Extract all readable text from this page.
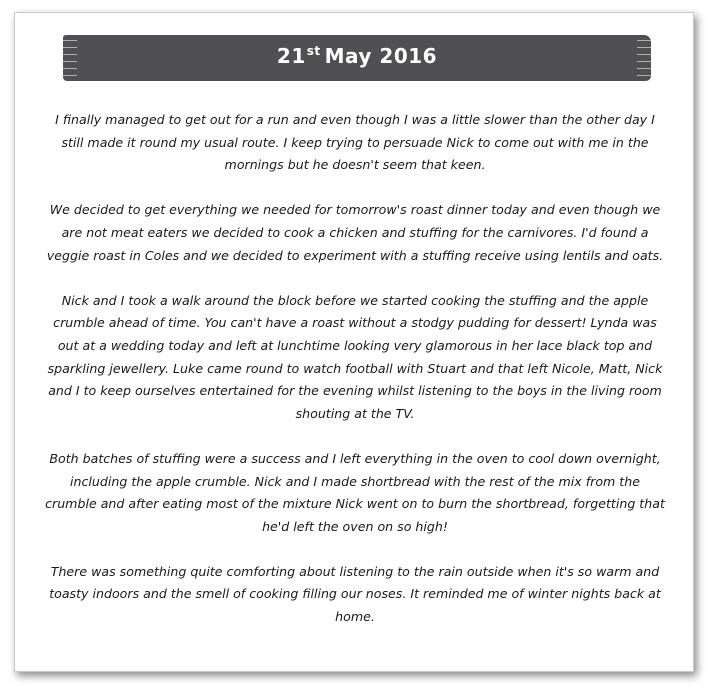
21st May 2016

I finally managed to get out for a run and even though I was a little slower than the other day I still made it round my usual route. I keep trying to persuade Nick to come out with me in the mornings but he doesn't seem that keen.

We decided to get everything we needed for tomorrow's roast dinner today and even though we are not meat eaters we decided to cook a chicken and stuffing for the carnivores. I'd found a veggie roast in Coles and we decided to experiment with a stuffing receive using lentils and oats.

Nick and I took a walk around the block before we started cooking the stuffing and the apple crumble ahead of time. You can't have a roast without a stodgy pudding for dessert! Lynda was out at a wedding today and left at lunchtime looking very glamorous in her lace black top and sparkling jewellery. Luke came round to watch football with Stuart and that left Nicole, Matt, Nick and I to keep ourselves entertained for the evening whilst listening to the boys in the living room shouting at the TV.

Both batches of stuffing were a success and I left everything in the oven to cool down overnight, including the apple crumble. Nick and I made shortbread with the rest of the mix from the crumble and after eating most of the mixture Nick went on to burn the shortbread, forgetting that he'd left the oven on so high!

There was something quite comforting about listening to the rain outside when it's so warm and toasty indoors and the smell of cooking filling our noses. It reminded me of winter nights back at home.
